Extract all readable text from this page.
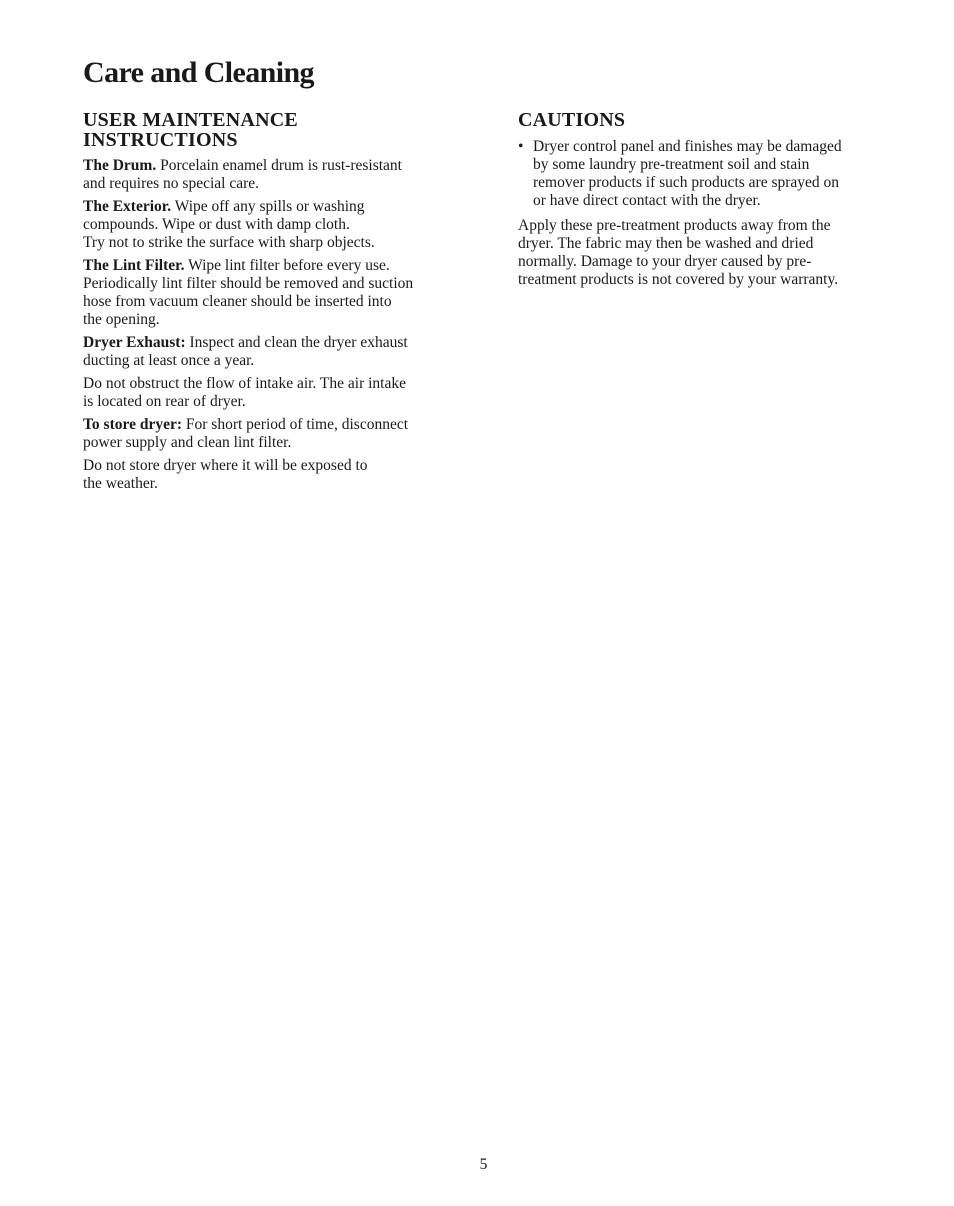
Care and Cleaning
USER MAINTENANCE
INSTRUCTIONS

The Drum. Porcelain enamel drum is rust-resistant
and requires no special care.

The Exterior. Wipe off any spills or washing
compounds. Wipe or dust with damp cloth.
Try not to strike the surface with sharp objects.

The Lint Filter. Wipe lint filter before every use.
Periodically lint filter should be removed and suction
hose from vacuum cleaner should be inserted into
the opening.

Dryer Exhaust: Inspect and clean the dryer exhaust
ducting at least once a year.

Do not obstruct the flow of intake air. The air intake
is located on rear of dryer.

To store dryer: For short period of time, disconnect
power supply and clean lint filter.

Do not store dryer where it will be exposed to
the weather.

CAUTIONS
• Dryer control panel and finishes may be damaged
by some laundry pre-treatment soil and stain
remover products if such products are sprayed on
or have direct contact with the dryer.

Apply these pre-treatment products away from the
dryer. The fabric may then be washed and dried
normally. Damage to your dryer caused by pre-
treatment products is not covered by your warranty.

5
